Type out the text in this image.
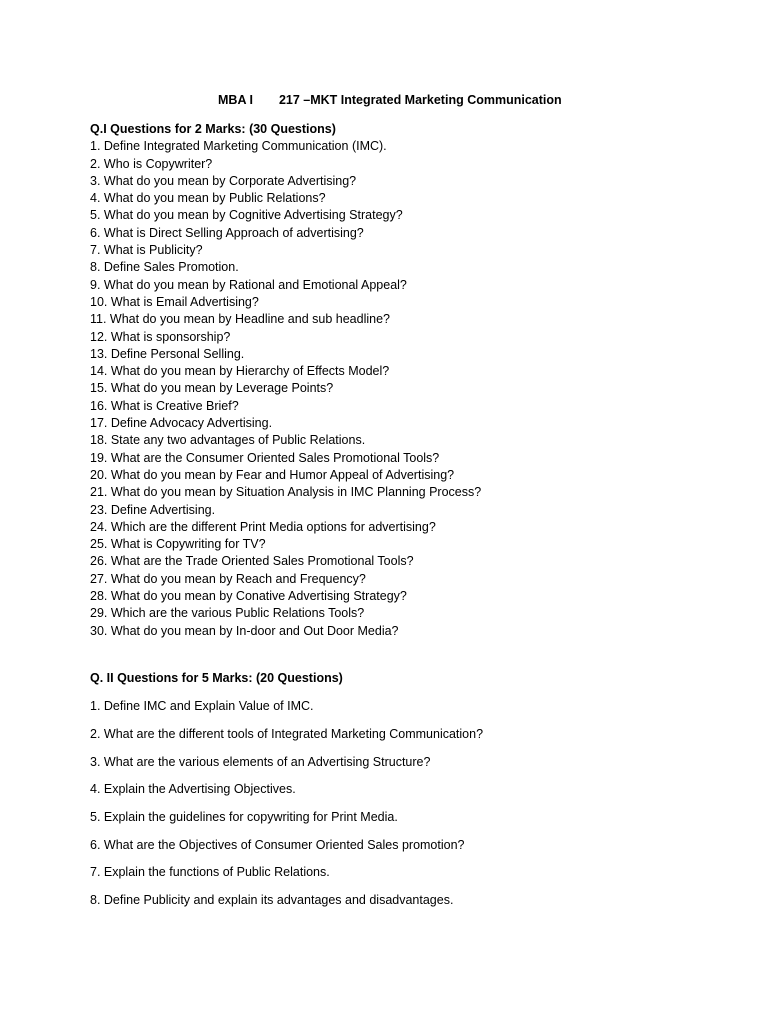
MBA I 217 –MKT Integrated Marketing Communication
Q.I Questions for 2 Marks: (30 Questions)
1. Define Integrated Marketing Communication (IMC).
2. Who is Copywriter?
3. What do you mean by Corporate Advertising?
4. What do you mean by Public Relations?
5. What do you mean by Cognitive Advertising Strategy?
6. What is Direct Selling Approach of advertising?
7. What is Publicity?
8. Define Sales Promotion.
9. What do you mean by Rational and Emotional Appeal?
10. What is Email Advertising?
11. What do you mean by Headline and sub headline?
12. What is sponsorship?
13. Define Personal Selling.
14. What do you mean by Hierarchy of Effects Model?
15. What do you mean by Leverage Points?
16. What is Creative Brief?
17. Define Advocacy Advertising.
18. State any two advantages of Public Relations.
19. What are the Consumer Oriented Sales Promotional Tools?
20. What do you mean by Fear and Humor Appeal of Advertising?
21. What do you mean by Situation Analysis in IMC Planning Process?
23. Define Advertising.
24. Which are the different Print Media options for advertising?
25. What is Copywriting for TV?
26. What are the Trade Oriented Sales Promotional Tools?
27. What do you mean by Reach and Frequency?
28. What do you mean by Conative Advertising Strategy?
29. Which are the various Public Relations Tools?
30. What do you mean by In-door and Out Door Media?
Q. II Questions for 5 Marks: (20 Questions)
1. Define IMC and Explain Value of IMC.
2. What are the different tools of Integrated Marketing Communication?
3. What are the various elements of an Advertising Structure?
4. Explain the Advertising Objectives.
5. Explain the guidelines for copywriting for Print Media.
6. What are the Objectives of Consumer Oriented Sales promotion?
7. Explain the functions of Public Relations.
8. Define Publicity and explain its advantages and disadvantages.
